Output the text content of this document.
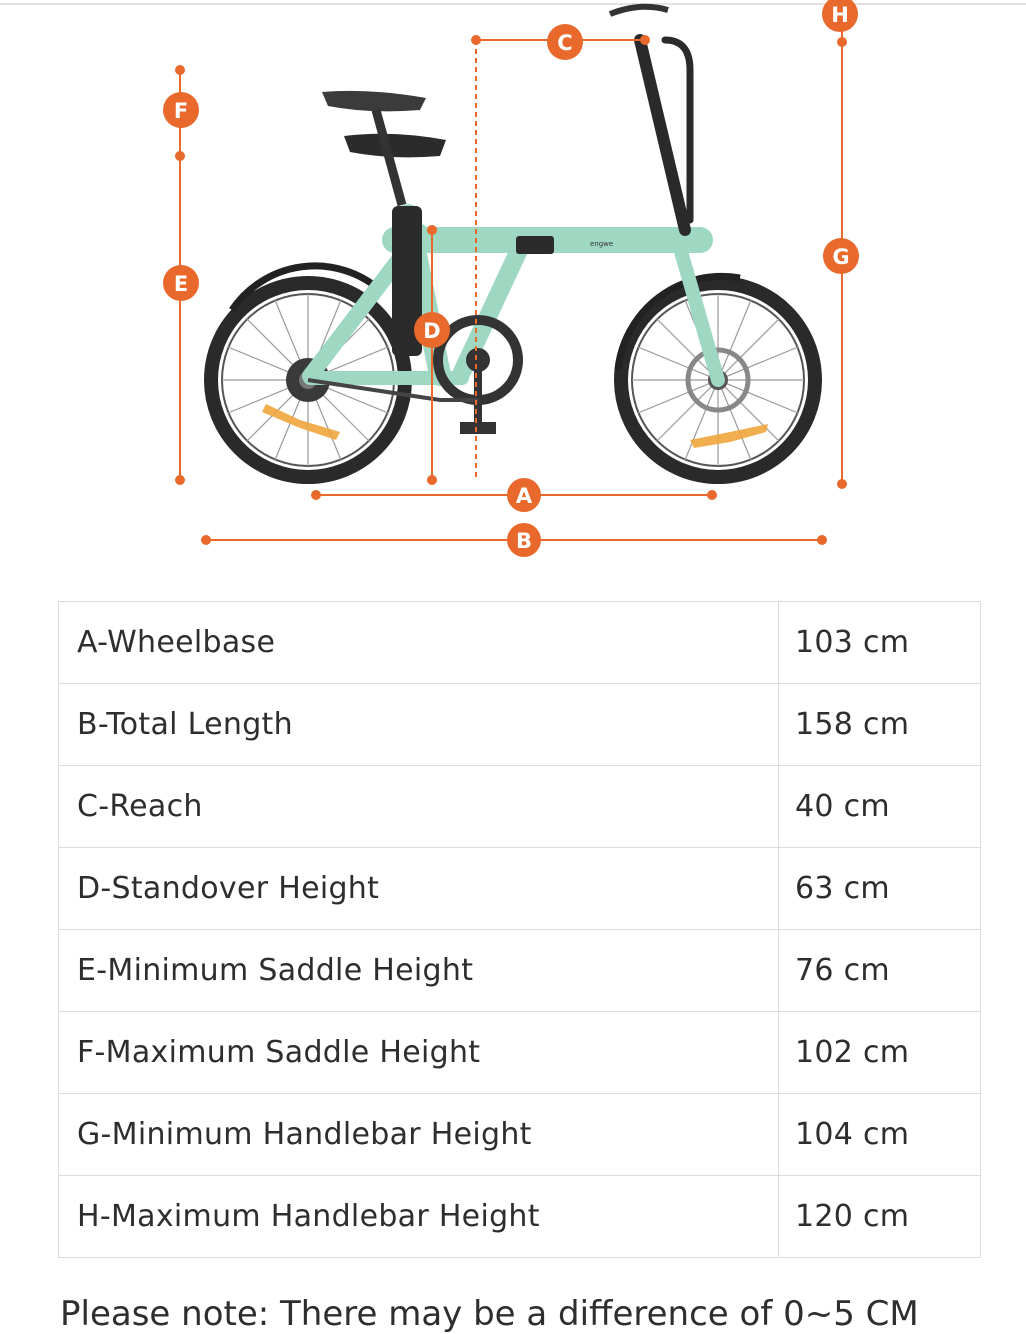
engwe
A
B
C
D
E
F
G
H
A-Wheelbase	103 cm
B-Total Length	158 cm
C-Reach	40 cm
D-Standover Height	63 cm
E-Minimum Saddle Height	76 cm
F-Maximum Saddle Height	102 cm
G-Minimum Handlebar Height	104 cm
H-Maximum Handlebar Height	120 cm
Please note: There may be a difference of 0~5 CM
